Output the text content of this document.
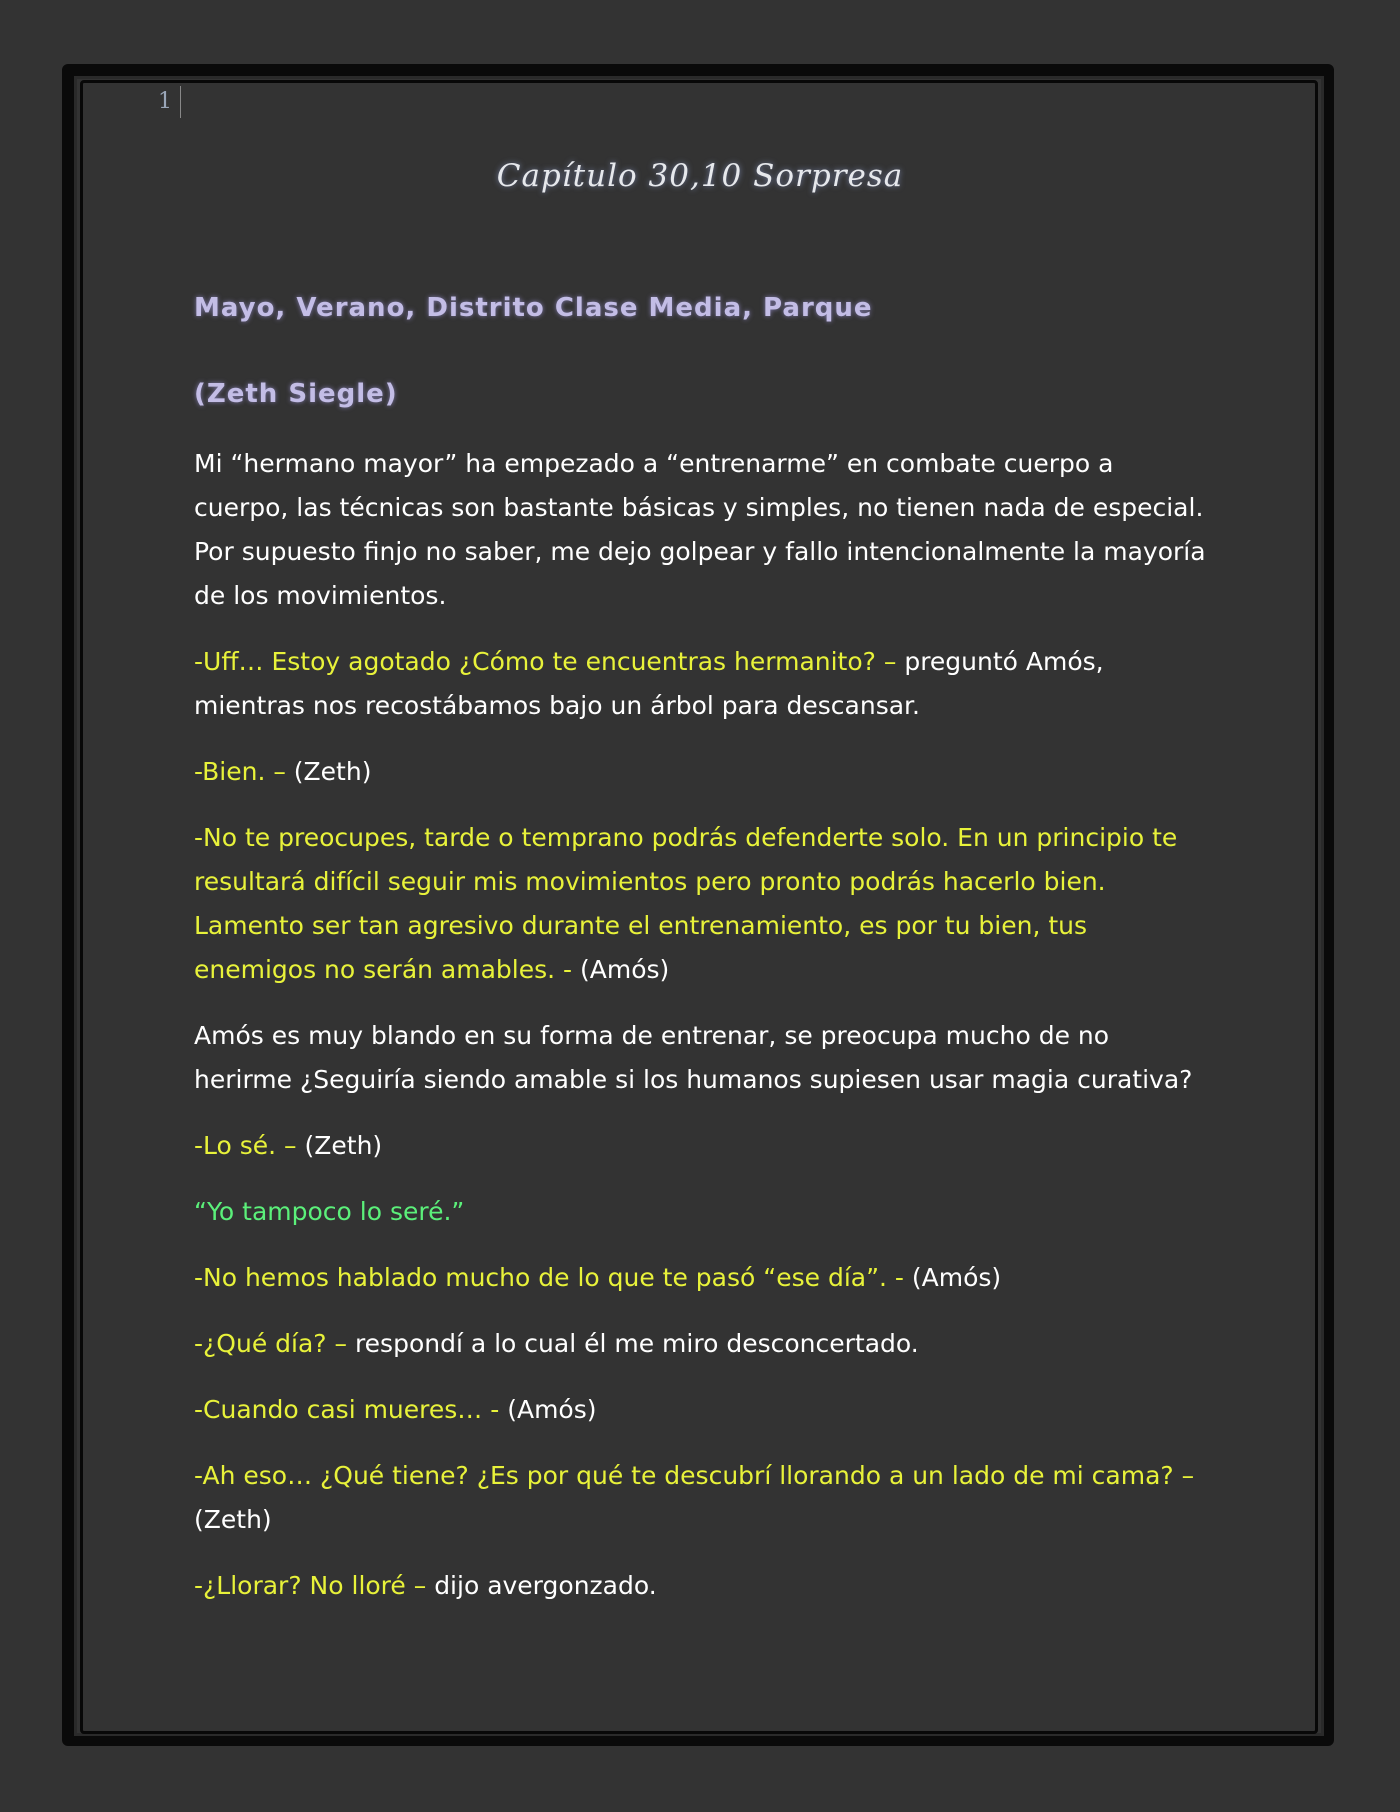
1
Capítulo 30,10 Sorpresa

Mayo, Verano, Distrito Clase Media, Parque

(Zeth Siegle)

Mi “hermano mayor” ha empezado a “entrenarme” en combate cuerpo a cuerpo, las técnicas son bastante básicas y simples, no tienen nada de especial. Por supuesto finjo no saber, me dejo golpear y fallo intencionalmente la mayoría de los movimientos.

-Uff… Estoy agotado ¿Cómo te encuentras hermanito? – preguntó Amós, mientras nos recostábamos bajo un árbol para descansar.

-Bien. – (Zeth)

-No te preocupes, tarde o temprano podrás defenderte solo. En un principio te resultará difícil seguir mis movimientos pero pronto podrás hacerlo bien. Lamento ser tan agresivo durante el entrenamiento, es por tu bien, tus enemigos no serán amables. - (Amós)

Amós es muy blando en su forma de entrenar, se preocupa mucho de no herirme ¿Seguiría siendo amable si los humanos supiesen usar magia curativa?

-Lo sé. – (Zeth)

“Yo tampoco lo seré.”

-No hemos hablado mucho de lo que te pasó “ese día”. - (Amós)

-¿Qué día? – respondí a lo cual él me miro desconcertado.

-Cuando casi mueres… - (Amós)

-Ah eso… ¿Qué tiene? ¿Es por qué te descubrí llorando a un lado de mi cama? – (Zeth)

-¿Llorar? No lloré – dijo avergonzado.
